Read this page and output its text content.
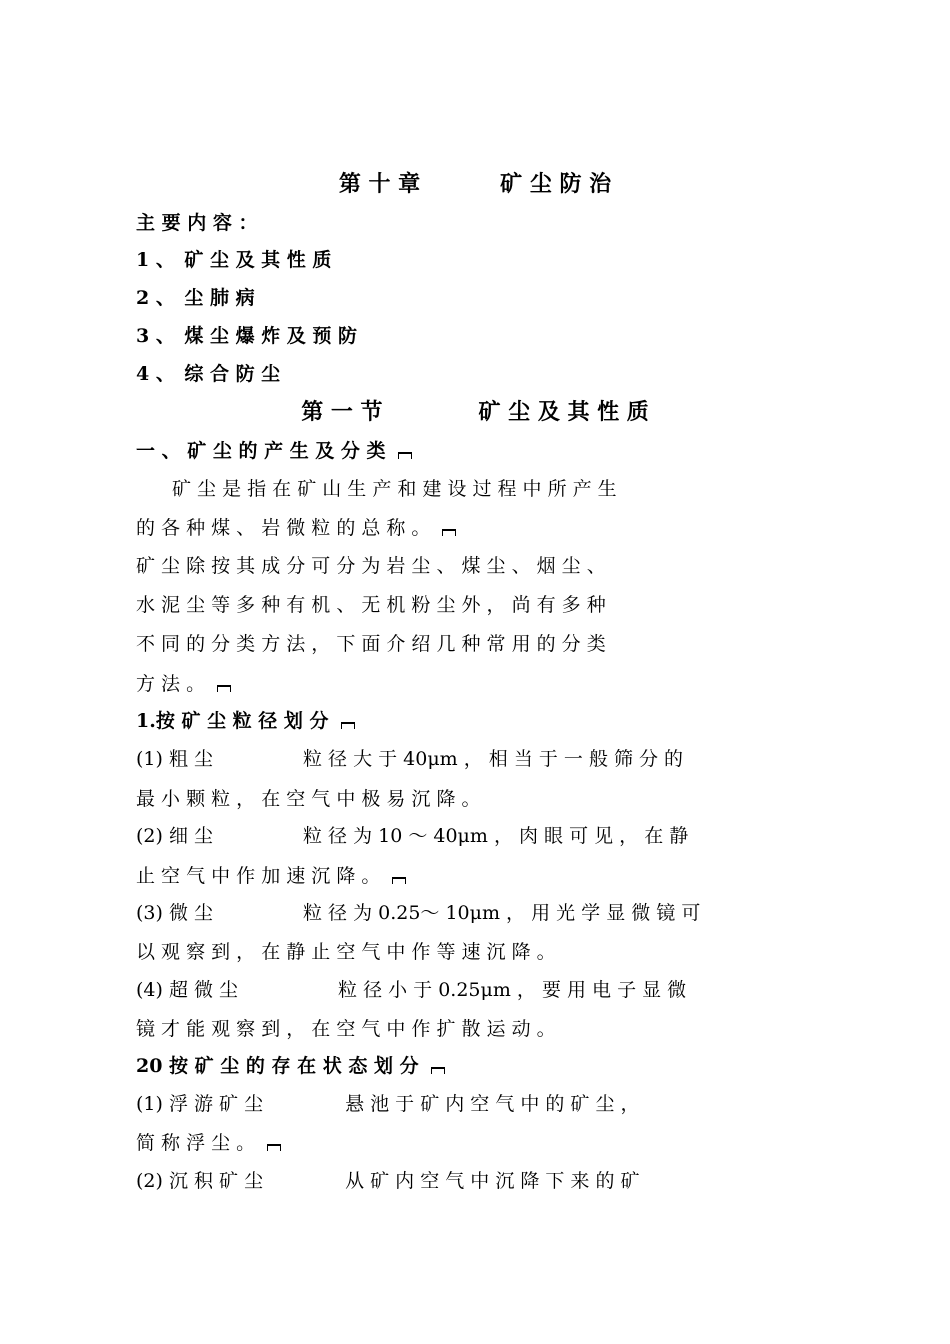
第 十 章	矿 尘 防 治
主 要 内 容 ：
1 、　矿 尘 及 其 性 质
2 、　尘 肺 病
3 、　煤 尘 爆 炸 及 预 防
4 、　综 合 防 尘
第 一 节	矿 尘 及 其 性 质
一 、 矿 尘 的 产 生 及 分 类
矿 尘 是 指 在 矿 山 生 产 和 建 设 过 程 中 所 产 生
的 各 种 煤 、 岩 微 粒 的 总 称 。
矿 尘 除 按 其 成 分 可 分 为 岩 尘 、 煤 尘 、 烟 尘 、
水 泥 尘 等 多 种 有 机 、 无 机 粉 尘 外 ， 尚 有 多 种
不 同 的 分 类 方 法 ， 下 面 介 绍 几 种 常 用 的 分 类
方 法 。
1.按 矿 尘 粒 径 划 分
(1) 粗 尘	粒 径 大 于 40μm ， 相 当 于 一 般 筛 分 的
最 小 颗 粒 ， 在 空 气 中 极 易 沉 降 。
(2) 细 尘	粒 径 为 10 ～ 40μm ， 肉 眼 可 见 ， 在 静
止 空 气 中 作 加 速 沉 降 。
(3) 微 尘	粒 径 为 0.25～ 10μm ， 用 光 学 显 微 镜 可
以 观 察 到 ， 在 静 止 空 气 中 作 等 速 沉 降 。
(4) 超 微 尘	粒 径 小 于 0.25μm ， 要 用 电 子 显 微
镜 才 能 观 察 到 ， 在 空 气 中 作 扩 散 运 动 。
20 按 矿 尘 的 存 在 状 态 划 分
(1) 浮 游 矿 尘	悬 池 于 矿 内 空 气 中 的 矿 尘 ，
简 称 浮 尘 。
(2) 沉 积 矿 尘	从 矿 内 空 气 中 沉 降 下 来 的 矿
